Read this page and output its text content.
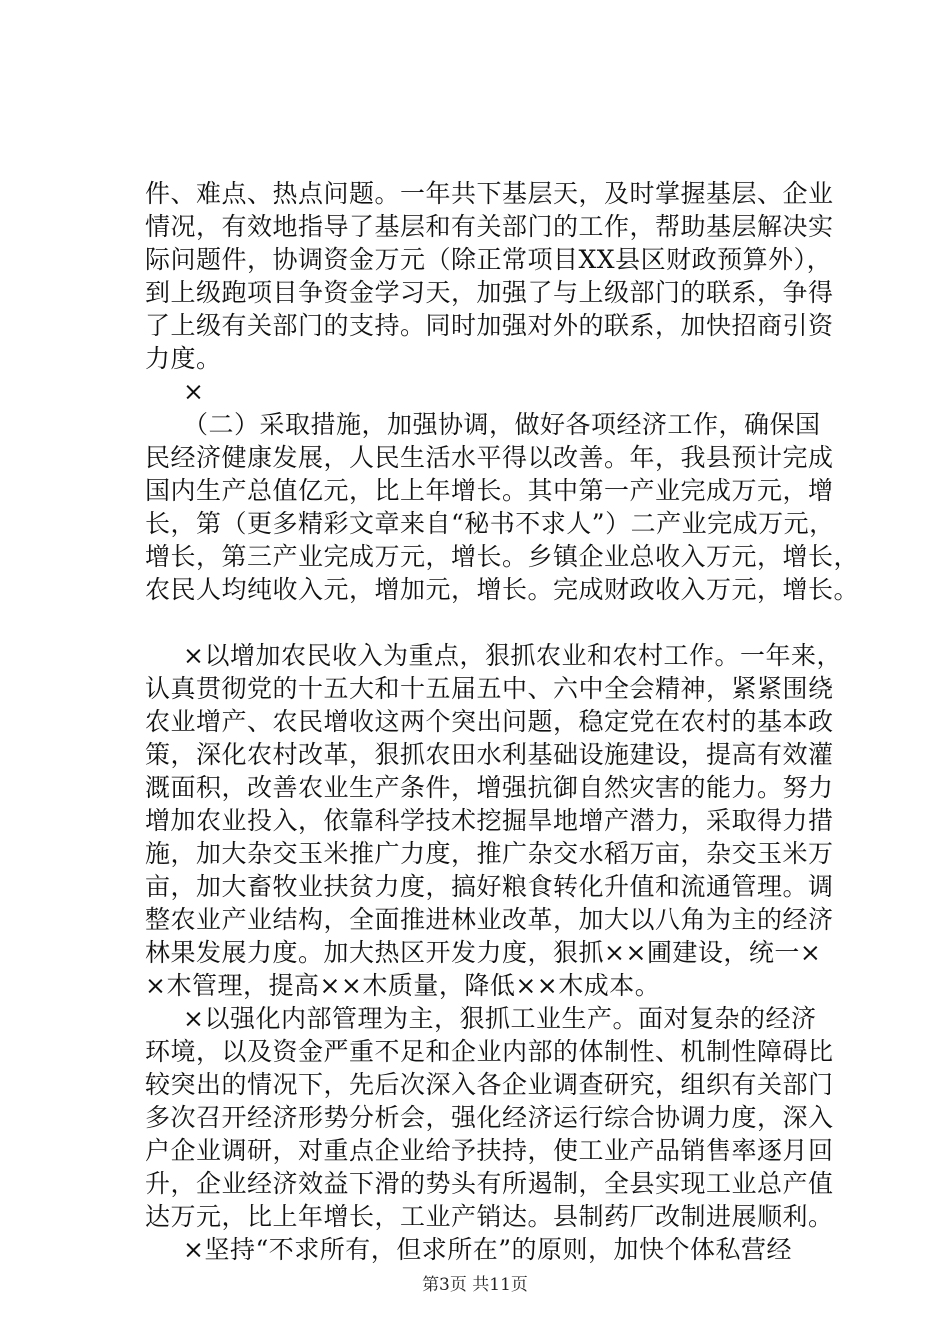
件、难点、热点问题。一年共下基层天，及时掌握基层、企业
情况，有效地指导了基层和有关部门的工作，帮助基层解决实
际问题件，协调资金万元（除正常项目XX县区财政预算外），
到上级跑项目争资金学习天，加强了与上级部门的联系，争得
了上级有关部门的支持。同时加强对外的联系，加快招商引资
力度。
×
（二）采取措施，加强协调，做好各项经济工作，确保国
民经济健康发展，人民生活水平得以改善。年，我县预计完成
国内生产总值亿元，比上年增长。其中第一产业完成万元，增
长，第（更多精彩文章来自“秘书不求人”）二产业完成万元，
增长，第三产业完成万元，增长。乡镇企业总收入万元，增长，
农民人均纯收入元，增加元，增长。完成财政收入万元，增长。
×以增加农民收入为重点，狠抓农业和农村工作。一年来，
认真贯彻党的十五大和十五届五中、六中全会精神，紧紧围绕
农业增产、农民增收这两个突出问题，稳定党在农村的基本政
策，深化农村改革，狠抓农田水利基础设施建设，提高有效灌
溉面积，改善农业生产条件，增强抗御自然灾害的能力。努力
增加农业投入，依靠科学技术挖掘旱地增产潜力，采取得力措
施，加大杂交玉米推广力度，推广杂交水稻万亩，杂交玉米万
亩，加大畜牧业扶贫力度，搞好粮食转化升值和流通管理。调
整农业产业结构，全面推进林业改革，加大以八角为主的经济
林果发展力度。加大热区开发力度，狠抓××圃建设，统一×
×木管理，提高××木质量，降低××木成本。
×以强化内部管理为主，狠抓工业生产。面对复杂的经济
环境，以及资金严重不足和企业内部的体制性、机制性障碍比
较突出的情况下，先后次深入各企业调查研究，组织有关部门
多次召开经济形势分析会，强化经济运行综合协调力度，深入
户企业调研，对重点企业给予扶持，使工业产品销售率逐月回
升，企业经济效益下滑的势头有所遏制，全县实现工业总产值
达万元，比上年增长，工业产销达。县制药厂改制进展顺利。
×坚持“不求所有，但求所在”的原则，加快个体私营经
第3页 共11页
